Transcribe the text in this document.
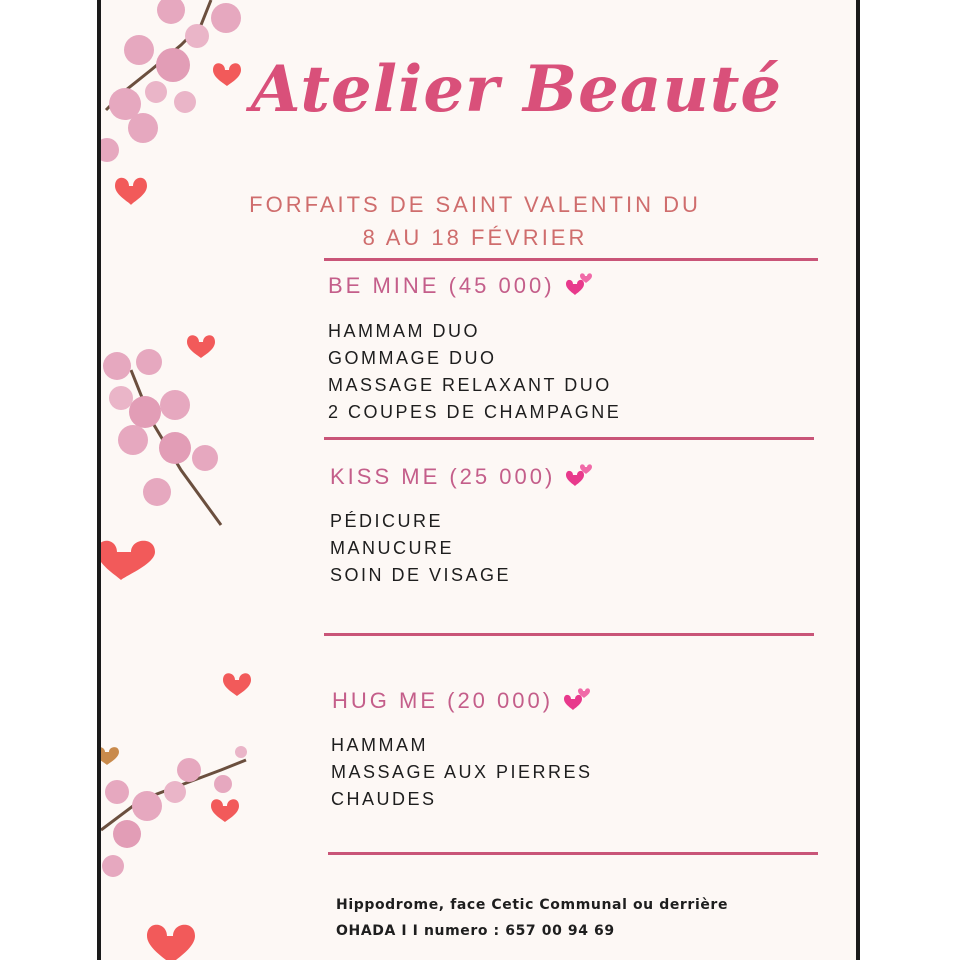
Atelier Beauté
FORFAITS DE SAINT VALENTIN DU
8 AU 18 FÉVRIER
BE MINE (45 000)
HAMMAM DUO
GOMMAGE DUO
MASSAGE RELAXANT DUO
2 COUPES DE CHAMPAGNE
KISS ME (25 000)
PÉDICURE
MANUCURE
SOIN DE VISAGE
HUG ME (20 000)
HAMMAM
MASSAGE AUX PIERRES
CHAUDES
Hippodrome, face Cetic Communal ou derrière
OHADA I I numero : 657 00 94 69
